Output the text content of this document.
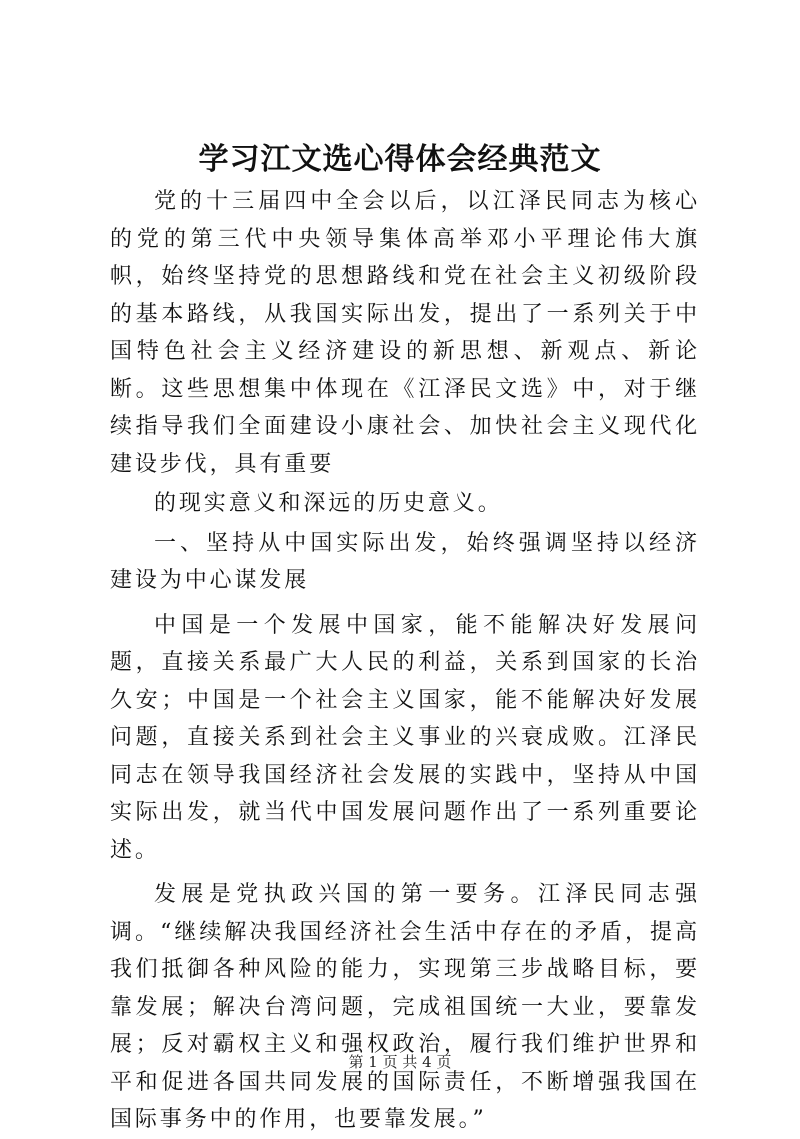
学习江文选心得体会经典范文

党的十三届四中全会以后，以江泽民同志为核心的党的第三代中央领导集体高举邓小平理论伟大旗帜，始终坚持党的思想路线和党在社会主义初级阶段的基本路线，从我国实际出发，提出了一系列关于中国特色社会主义经济建设的新思想、新观点、新论断。这些思想集中体现在《江泽民文选》中，对于继续指导我们全面建设小康社会、加快社会主义现代化建设步伐，具有重要

的现实意义和深远的历史意义。

一、坚持从中国实际出发，始终强调坚持以经济建设为中心谋发展

中国是一个发展中国家，能不能解决好发展问题，直接关系最广大人民的利益，关系到国家的长治久安；中国是一个社会主义国家，能不能解决好发展问题，直接关系到社会主义事业的兴衰成败。江泽民同志在领导我国经济社会发展的实践中，坚持从中国实际出发，就当代中国发展问题作出了一系列重要论述。

发展是党执政兴国的第一要务。江泽民同志强调。“继续解决我国经济社会生活中存在的矛盾，提高我们抵御各种风险的能力，实现第三步战略目标，要靠发展；解决台湾问题，完成祖国统一大业，要靠发展；反对霸权主义和强权政治，履行我们维护世界和平和促进各国共同发展的国际责任，不断增强我国在国际事务中的作用，也要靠发展。”

第 1 页 共 4 页
